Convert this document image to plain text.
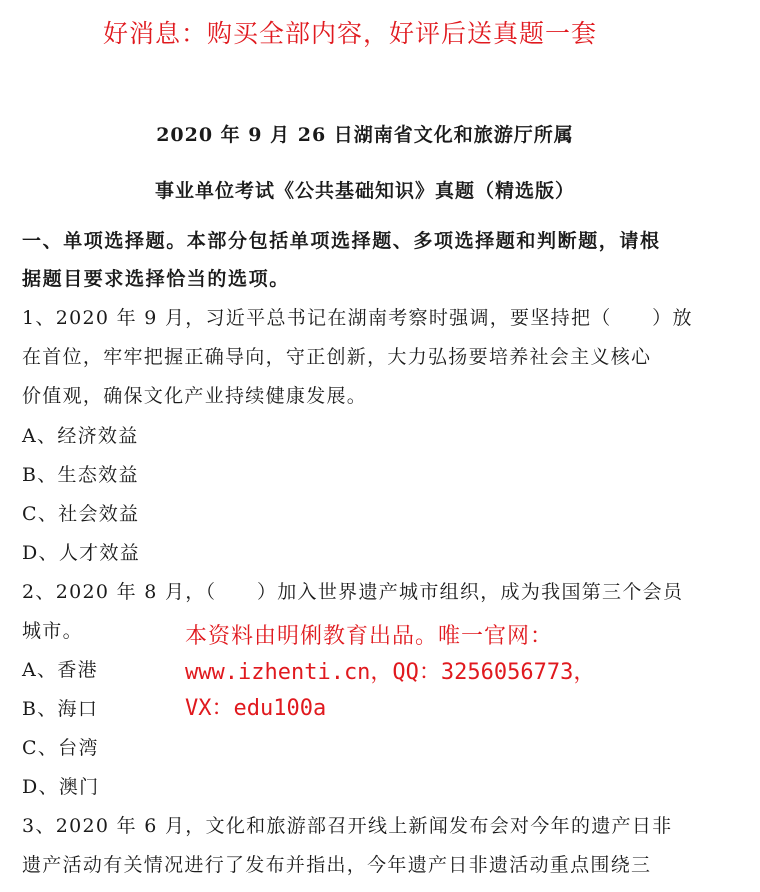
好消息：购买全部内容，好评后送真题一套
2020 年 9 月 26 日湖南省文化和旅游厅所属
事业单位考试《公共基础知识》真题（精选版）
一、单项选择题。本部分包括单项选择题、多项选择题和判断题，请根
据题目要求选择恰当的选项。
1、2020 年 9 月，习近平总书记在湖南考察时强调，要坚持把（　　）放
在首位，牢牢把握正确导向，守正创新，大力弘扬要培养社会主义核心
价值观，确保文化产业持续健康发展。
A、经济效益
B、生态效益
C、社会效益
D、人才效益
2、2020 年 8 月，（　　）加入世界遗产城市组织，成为我国第三个会员
城市。
A、香港
B、海口
C、台湾
D、澳门
3、2020 年 6 月，文化和旅游部召开线上新闻发布会对今年的遗产日非
遗产活动有关情况进行了发布并指出，今年遗产日非遗活动重点围绕三
本资料由明俐教育出品。唯一官网：
www.izhenti.cn，QQ：3256056773，
VX：edu100a
